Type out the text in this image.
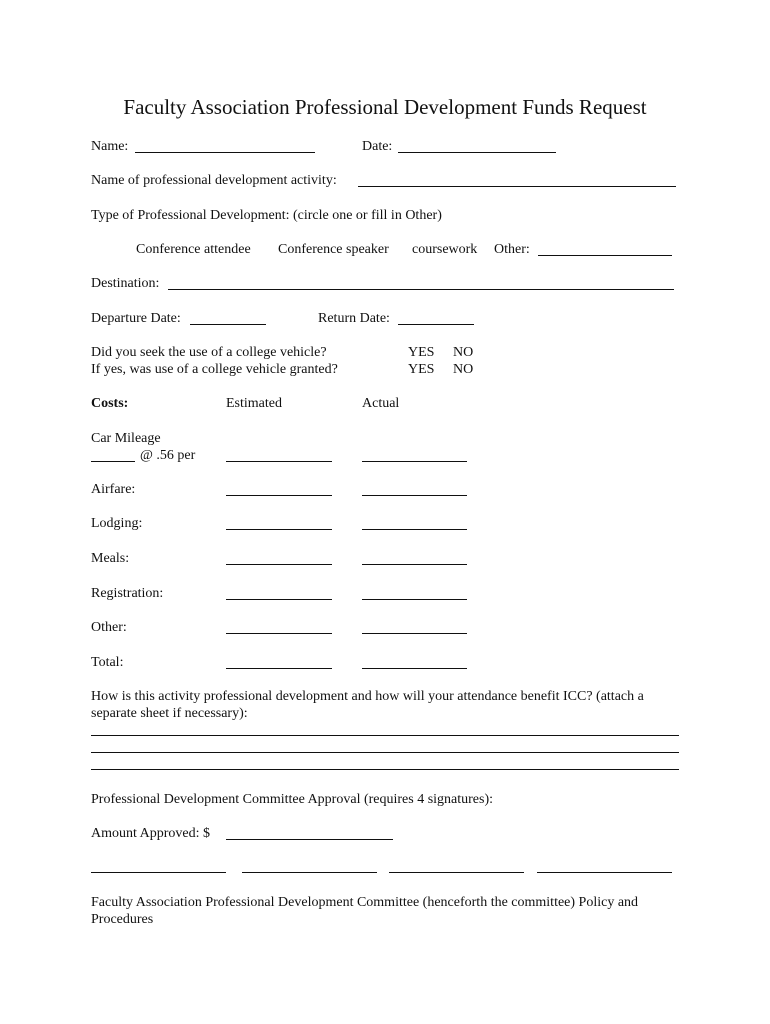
Faculty Association Professional Development Funds Request
Name:	Date:
Name of professional development activity:
Type of Professional Development: (circle one or fill in Other)
Conference attendee Conference speaker coursework Other:
Destination:
Departure Date:	Return Date:
Did you seek the use of a college vehicle?	YES NO
If yes, was use of a college vehicle granted?	YES NO
Costs:	Estimated	Actual
Car Mileage
@ .56 per
Airfare:
Lodging:
Meals:
Registration:
Other:
Total:
How is this activity professional development and how will your attendance benefit ICC? (attach a separate sheet if necessary):
Professional Development Committee Approval (requires 4 signatures):
Amount Approved: $
Faculty Association Professional Development Committee (henceforth the committee) Policy and Procedures
